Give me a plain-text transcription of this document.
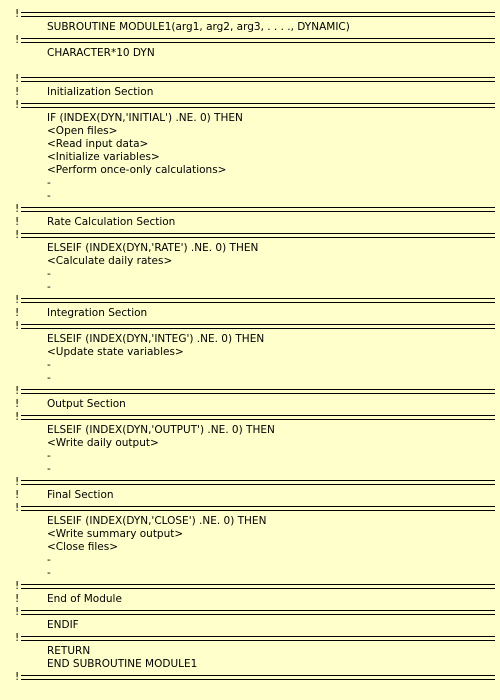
!
SUBROUTINE MODULE1(arg1, arg2, arg3, . . . ., DYNAMIC)
!
CHARACTER*10 DYN
!
!	Initialization Section
!
IF (INDEX(DYN,'INITIAL') .NE. 0) THEN
<Open files>
<Read input data>
<Initialize variables>
<Perform once-only calculations>
-
-
!
!	Rate Calculation Section
!
ELSEIF (INDEX(DYN,'RATE') .NE. 0) THEN
<Calculate daily rates>
-
-
!
!	Integration Section
!
ELSEIF (INDEX(DYN,'INTEG') .NE. 0) THEN
<Update state variables>
-
-
!
!	Output Section
!
ELSEIF (INDEX(DYN,'OUTPUT') .NE. 0) THEN
<Write daily output>
-
-
!
!	Final Section
!
ELSEIF (INDEX(DYN,'CLOSE') .NE. 0) THEN
<Write summary output>
<Close files>
-
-
!
!	End of Module
!
ENDIF
!
RETURN
END SUBROUTINE MODULE1
!
